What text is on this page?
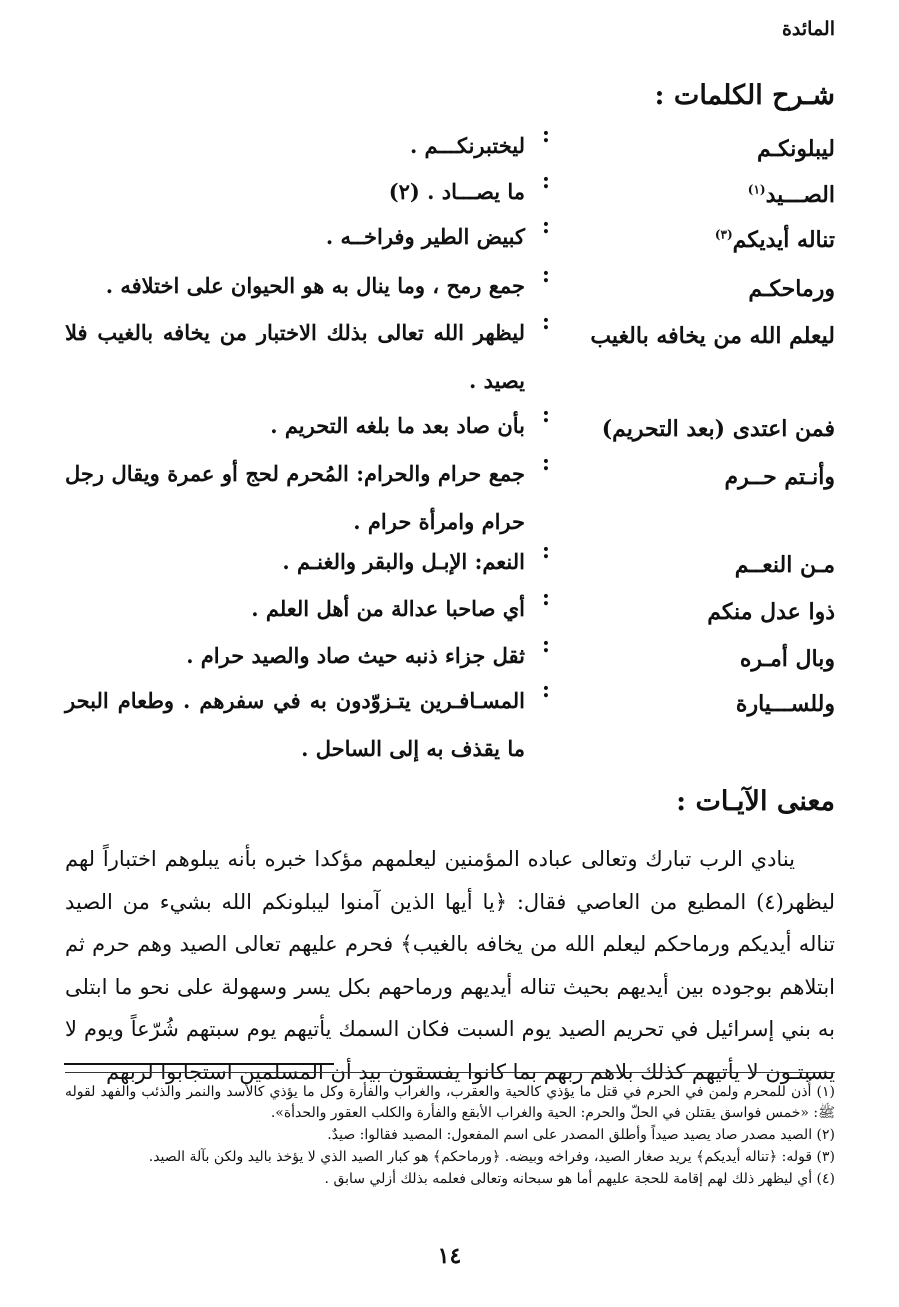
المائدة
شـرح الكلمات :
ليبلونكـم
:
ليختبرنكـــم .
الصـــيد$^{(١)}$
:
ما يصـــاد . (٢)
تناله أيديكم$^{(٣)}$
:
كبيض الطير وفراخــه .
ورماحكـم
:
جمع رمح ، وما ينال به هو الحيوان على اختلافه .
ليعلم الله من يخافه بالغيب
:
ليظهر الله تعالى بذلك الاختبار من يخافه بالغيب فلا يصيد .
فمن اعتدى (بعد التحريم)
:
بأن صاد بعد ما بلغه التحريم .
وأنـتم حــرم
:
جمع حرام والحرام: المُحرم لحج أو عمرة ويقال رجل حرام وامرأة حرام .
مـن النعــم
:
النعم: الإبـل والبقر والغنـم .
ذوا عدل منكم
:
أي صاحبا عدالة من أهل العلم .
وبال أمـره
:
ثقل جزاء ذنبه حيث صاد والصيد حرام .
وللســـيارة
:
المسـافـرين يتـزوّدون به في سفرهم . وطعام البحر ما يقذف به إلى الساحل .
معنى الآيـات :
ينادي الرب تبارك وتعالى عباده المؤمنين ليعلمهم مؤكدا خبره بأنه يبلوهم اختباراً لهم ليظهر(٤) المطيع من العاصي فقال: ﴿يا أيها الذين آمنوا ليبلونكم الله بشيء من الصيد تناله أيديكم ورماحكم ليعلم الله من يخافه بالغيب﴾ فحرم عليهم تعالى الصيد وهم حرم ثم ابتلاهم بوجوده بين أيديهم بحيث تناله أيديهم ورماحهم بكل يسر وسهولة على نحو ما ابتلى به بني إسرائيل في تحريم الصيد يوم السبت فكان السمك يأتيهم يوم سبتهم شُرّعاً ويوم لا يسبتـون لا يأتيهم كذلك بلاهم ربهم بما كانوا يفسقون بيد أن المسلمين استجابوا لربهم

(١) أُذن للمحرم ولمن في الحرم في قتل ما يؤذي كالحية والعقرب، والغراب والفأرة وكل ما يؤذي كالأسد والنمر والذئب والفهد لقوله ﷺ: «خمس فواسق يقتلن في الحلّ والحرم: الحية والغراب الأبقع والفأرة والكلب العقور والحدأة».

(٢) الصيد مصدر صاد يصيد صيداً وأطلق المصدر على اسم المفعول: المصيد فقالوا: صيدٌ.

(٣) قوله: ﴿تناله أيديكم﴾ يريد صغار الصيد، وفراخه وبيضه. ﴿ورماحكم﴾ هو كبار الصيد الذي لا يؤخذ باليد ولكن بآلة الصيد.

(٤) أي ليظهر ذلك لهم إقامة للحجة عليهم أما هو سبحانه وتعالى فعلمه بذلك أزلي سابق .

١٤
